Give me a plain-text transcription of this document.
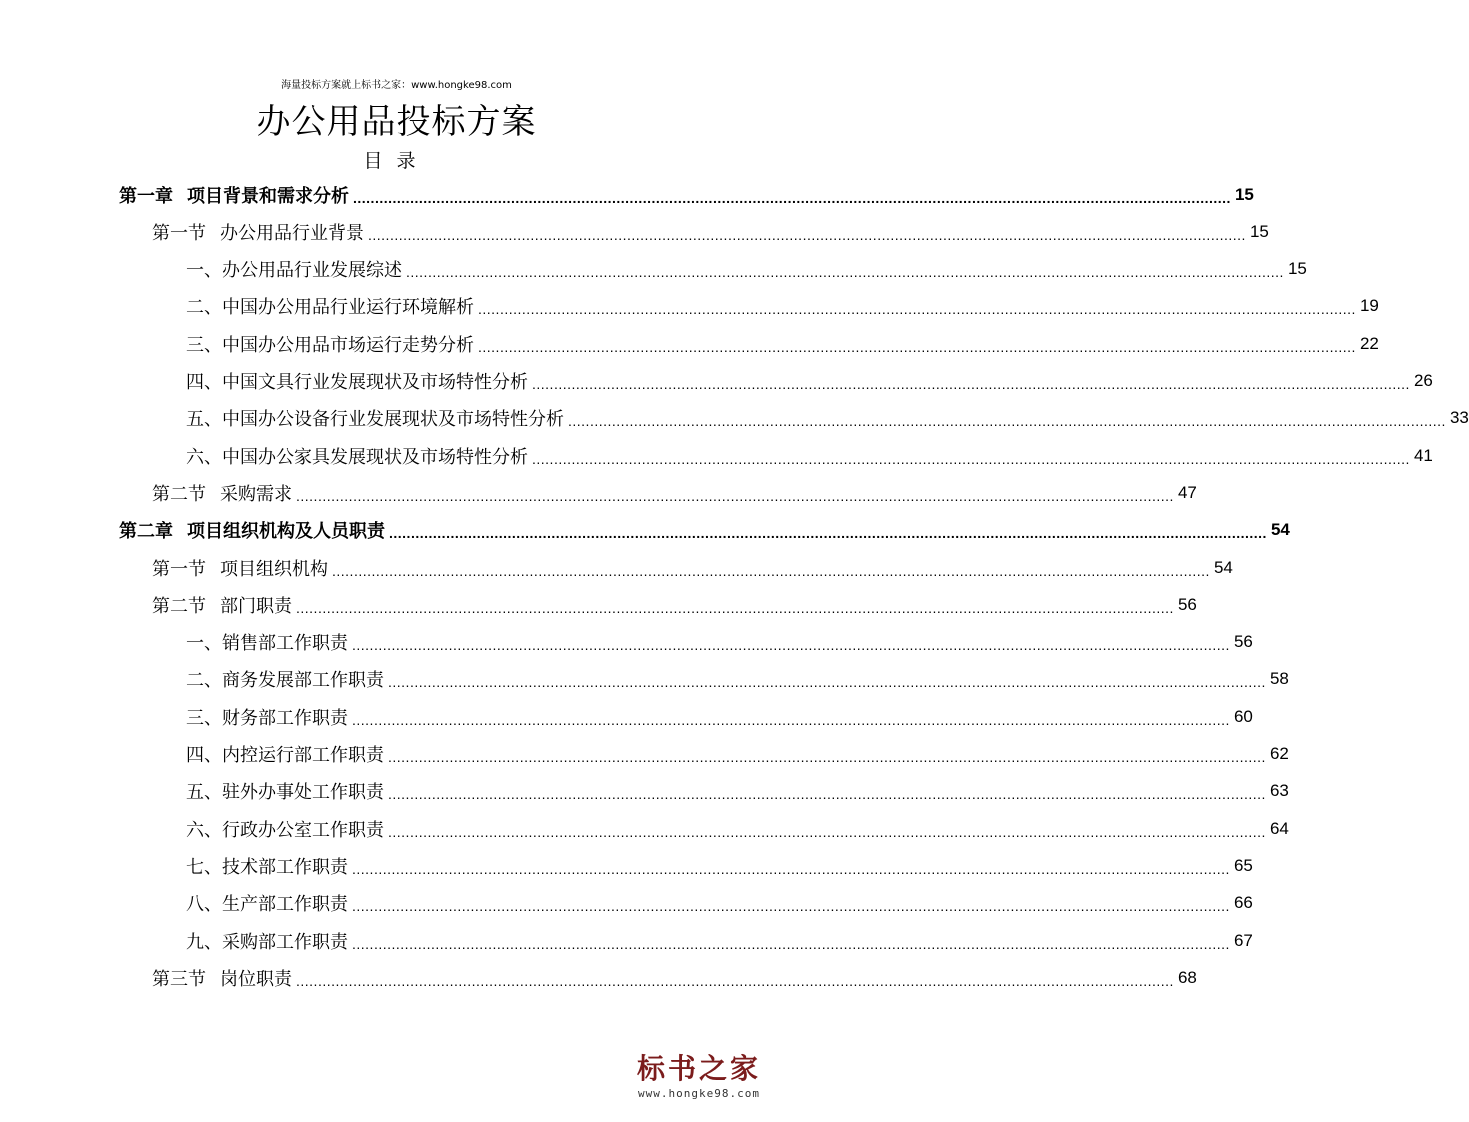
海量投标方案就上标书之家：www.hongke98.com
办公用品投标方案
目录
第一章 项目背景和需求分析 ........................................................................................................................................................................................................ 15
第一节 办公用品行业背景 ........................................................................................................................................................................................................ 15
一、办公用品行业发展综述 ........................................................................................................................................................................................................ 15
二、中国办公用品行业运行环境解析 ........................................................................................................................................................................................................ 19
三、中国办公用品市场运行走势分析 ........................................................................................................................................................................................................ 22
四、中国文具行业发展现状及市场特性分析 ........................................................................................................................................................................................................ 26
五、中国办公设备行业发展现状及市场特性分析 ........................................................................................................................................................................................................ 33
六、中国办公家具发展现状及市场特性分析 ........................................................................................................................................................................................................ 41
第二节 采购需求 ........................................................................................................................................................................................................ 47
第二章 项目组织机构及人员职责 ........................................................................................................................................................................................................ 54
第一节 项目组织机构 ........................................................................................................................................................................................................ 54
第二节 部门职责 ........................................................................................................................................................................................................ 56
一、销售部工作职责 ........................................................................................................................................................................................................ 56
二、商务发展部工作职责 ........................................................................................................................................................................................................ 58
三、财务部工作职责 ........................................................................................................................................................................................................ 60
四、内控运行部工作职责 ........................................................................................................................................................................................................ 62
五、驻外办事处工作职责 ........................................................................................................................................................................................................ 63
六、行政办公室工作职责 ........................................................................................................................................................................................................ 64
七、技术部工作职责 ........................................................................................................................................................................................................ 65
八、生产部工作职责 ........................................................................................................................................................................................................ 66
九、采购部工作职责 ........................................................................................................................................................................................................ 67
第三节 岗位职责 ........................................................................................................................................................................................................ 68
标书之家
www.hongke98.com
